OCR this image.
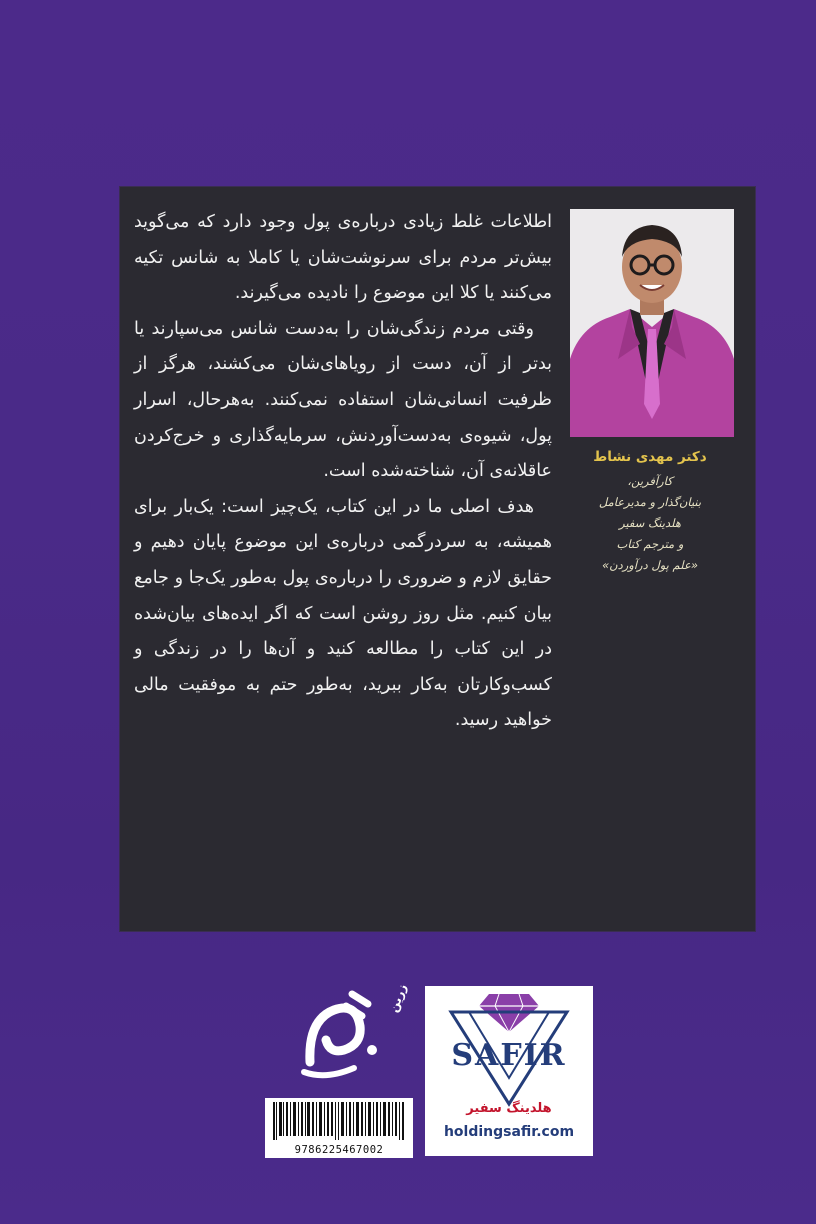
اطلاعات غلط زیادی درباره‌ی پول وجود دارد که می‌گوید بیش‌تر مردم برای سرنوشت‌شان یا کاملا به شانس تکیه می‌کنند یا کلا این موضوع را نادیده می‌گیرند.

وقتی مردم زندگی‌شان را به‌دست شانس می‌سپارند یا بدتر از آن، دست از رویاهای‌شان می‌کشند، هرگز از ظرفیت انسانی‌شان استفاده نمی‌کنند. به‌هرحال، اسرار پول، شیوه‌ی به‌دست‌آوردنش، سرمایه‌گذاری و خرج‌کردن عاقلانه‌ی آن، شناخته‌شده است.

هدف اصلی ما در این کتاب، یک‌چیز است: یک‌بار برای همیشه، به سردرگمی درباره‌ی این موضوع پایان دهیم و حقایق لازم و ضروری را درباره‌ی پول به‌طور یک‌جا و جامع بیان کنیم. مثل روز روشن است که اگر ایده‌های بیان‌شده در این کتاب را مطالعه کنید و آن‌ها را در زندگی و کسب‌وکارتان به‌کار ببرید، به‌طور حتم به موفقیت مالی خواهید رسید.

دکتر مهدی نشاط
کارآفرین،
بنیان‌گذار و مدیرعامل
هلدینگ سفیر
و مترجم کتاب
«علم پول درآوردن»
زرین
9786225467002
SAFIR
هلدینگ سفیر
holdingsafir.com
